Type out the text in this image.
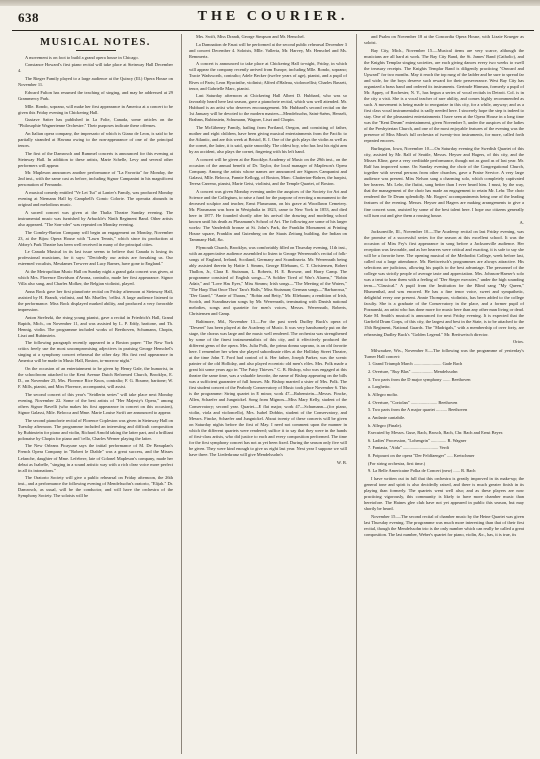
638	THE COURIER.
MUSICAL NOTES.

A movement is on foot to build a grand opera house in Chicago.

Constance Howard's first piano recital will take place at Steinway Hall December 4.

The Rieger Family played to a large audience at the Quincy (Ill.) Opera House on November 11.

Edward Fulton has resumed the teaching of singing, and may be addressed at 29 Grammercy Park.

Mlle. Rondo, soprano, will make her first appearance in America at a concert to be given this Friday evening in Chickering Hall.

Gustave Satter has published in La Folie, Canada, some articles on the "Philosophie Wagnerienne Orchestre." Their purposes indicate these offenses.

An Italian opera company, the impresario of which is Giano de Leon, is said to be partially stranded at Havana owing to the non-appearance of one of the principal tenors.

The first of the Damrosch and Rummel concerts is announced for this evening at Steinway Hall. In addition to these artists, Marie Schelle, Levy and several other performers will appear.

Mr. Mapleson announces another performance of "La Favorita" for Monday, the 2nd inst., with the same cast as before, including Signor Campanini in his magnificent personation of Fernando.

A musical comedy entitled "Ve Let Tut" at Lanier's Family, was produced Monday evening at Niemann Hall by Campbell's Comic Colorie. The operatta abounds in original and melodious music.

A sacred concert was given at the Thalia Theatre Sunday evening. The instrumental music was furnished by Arbuckle's Ninth Regiment Band. Other artists also appeared. "The Son-cder" was repeated on Monday evening.

The Comley-Barton Company will begin an engagement on Monday, November 23, at the Bijou Opera House with "Lawn Tennis," which since its production at Abbey's Park Theatre has been well received in many of the principal cities.

Le Canada Musical in its last issue seems to believe that Canada is losing its professional musicians, for it says: "Decidedly our artists are forsaking us. Our esteemed vocalists, Mesdames Trewver and Lucy Barnes, have gone to England."

At the Metropolitan Music Hall on Sunday night a grand gala concert was given, at which Mrs. Florence Davidson d'Avona, contralto, made her first appearance. Signor Villa also sang, and Charles Molker, the Belgian violinist, played.

Anna Bock gave her first pianoforte recital on Friday afternoon at Steinway Hall, assisted by H. Brandt, violinist, and Mr. Mueller, 'cellist. A large audience listened to the performance. Miss Bock displayed marked ability, and produced a very favorable impression.

Anton Strelezki, the rising young pianist, gave a recital in Friedrich's Hall, Grand Rapids, Mich., on November 11, and was assisted by L. P. Eddy, baritone, and Th. Hennig, violin. The programme included works of Beethoven, Schumann, Chopin, Liszt and Rubinstein.

The following paragraph recently appeared in a Boston paper: "The New York critics freely use the most uncompromising adjectives in praising George Henschel's singing at a symphony concert rehearsal the other day. His first real appearance in America will be made in Music Hall, Boston, to-morrow night."

On the occasion of an entertainment to be given by Henry Gale, the humorist, in the schoolroom attached to the Kent Avenue Dutch Reformed Church, Brooklyn, E. D., on November 25, Mrs. Florence Rice Knox, contralto; F. G. Bourne, baritone; W. F. Mills, pianist, and Miss Florence, accompanist, will assist.

The second concert of this year's "Seidlerin series" will take place next Monday evening, November 22. Some of the best artists of "Her Majesty's Opera," among others Signor Ravelli (who makes his first appearance in concert on this occasion), Signor Galassi, Mile. Belocca and Mme. Marie Louise Swift are announced to appear.

The second pianoforte recital of Florence Copleston was given in Steinway Hall on Tuesday afternoon. The programme included an interesting and difficult composition by Rubinstein for piano and violin, Richard Arnold taking the latter part, and a brilliant polonaise by Chopin for piano and 'cello, Charles Werner playing the latter.

The New Orleans Picayune says the initial performance of M. De Beauplan's French Opera Company in "Robert le Diable" was a great success, and the Misses Lefanche, daughter of Mme. Lefebvre, late of Colonel Mapleson's company, made her debut as Isabelle, "singing in a sound artistic way with a rich clear voice more perfect in all its intonations."

The Oratorio Society will give a public rehearsal on Friday afternoon, the 26th inst., and a performance the following evening of Mendelssohn's oratorio, "Elijah." Dr. Damrosch, as usual, will be the conductor, and will have the orchestra of the Symphony Society. The soloists will be

Mrs. Swift, Miss Drandt, George Simpson and Mr. Henschel.

La Damnation de Faust will be performed at the second public rehearsal December 3 and concert December 4. Soloists, Mlle. Valleria, Mr. Harvey, Mr. Henschel and Ms. Remmertz.

A concert is announced to take place at Chickering Hall to-night, Friday, in which will appear the company recently arrived from Europe, including Mlle. Rondo, soprano; Tracie Wadsworth, contralto; Adele Becker (twelve years of age), pianist, and a pupil of Rives of Paris; Leon Hyacinthe, violinist; Alfred d'Haleau, violoncellist; Charles Bassett, tenor, and Gabrielle Marc, pianist.

Last Saturday afternoon at Chickering Hall Albert D. Hubbard, who was so favorably heard here last season, gave a pianoforte recital, which was well attended. Mr. Hubbard is an artist who deserves encouragement. Mr. Hubbard's second recital on the 1st January will be devoted to the modern masters—Mendelssohn, Saint-Saëns, Henselt, Brahms, Rubinstein, Schumann, Wagner, Liszt and Chopin.

The McGibeney Family, hailing from Portland, Oregon, and consisting of father, mother and eight children, have been giving musical entertainments from the Pacific to the Atlantic, and are this week at Bristol, R. I. One of the girls plays the violin as well as the cornet, the latter, it is said, quite smoothly. The oldest boy, who has lost his right arm by an accident, also plays the cornet, fingering with his left hand.

A concert will be given at the Brooklyn Academy of Music on the 29th inst., on the occasion of the annual benefit of Dr. Taylor, the local manager of Mapleson's Opera Company. Among the artists whose names are announced are Signors Campanini and Galassi, Mlle. Belocca, Fannie Kellogg, of Boston, Marc. Chatterton-Bohrer, the harpist, Teresa Carreno, pianist, Marie Geist, violinist, and the Temple Quartet, of Boston.

A concert was given Monday evening under the auspices of the Society for Art and Science and the Collegium, to raise a fund for the purpose of erecting a monument to the deceased sculptor and teacher, Ernst Plassmann, on his grave at Woodlawn Cemetery. Mr. Plassmann was born in Westphalia in 1823, came to New York in 1853, and died here in 1877. He founded shortly after his arrival the drawing and modeling school known until his death as Plassmann's School of Art. The following are some of his larger works: The Vanderbilt bronze at St. John's Park, the Franklin Monument at Printing House square, Franklin and Gutenberg on the Staats Zeitung building, the Indian on Tammany Hall, &c.

Plymouth Church, Brooklyn, was comfortably filled on Thursday evening, 11th inst., with an appreciative audience assembled to listen to George Werrenrath's recital of folk-songs of England, Ireland, Scotland, Germany and Scandinavia. Mr. Werrenrath being ably assisted therein by Hattie I. Simms, George Ellebaum, C. T. Christensen, Robert Thallon, Jr., Clara E. Stutsman, L. Roberts, H. E. Browne, and Harry Camp. The programme consisted of English songs—"A Soldier Tired of War's Alarms," "Robin Adair," and "Love Has Eyes," Miss Simms; Irish songs—"The Meeting of the Waters," "The Harp That Once Thro' Tara's Halls," Miss Stutsman; German songs—"Barbarossa," "Der Gaard," "Annie of Tharau," "Robin and Betty," Mr. Ellebaum; a rendition of Irish, Scotch, and Scandinavian songs by Mr. Werrenrath, terminating with Danish national melodies, songs and quartette for men's voices, Messrs. Werrenrath, Roberts, Christensen and Camp.

Baltimore, Md., November 13.—For the past week Dudley Buck's opera of "Deseret" has been played at the Academy of Music. It was very handsomely put on the stage, the chorus was large and the music well rendered. The orchestra was strengthened by some of the finest instrumentalists of this city, and it effectively produced the different gems of the opera. Mrs. Julia Polk, the prima donna soprano, is an old favorite here. I remember her when she played subordinate rôles at the Holliday Street Theatre, at the time John T. Ford had control of it. Her father, Joseph Parker, was the scenic painter of the old Holliday, and also played eccentric old men's rôles. Mrs. Polk made a great hit some years ago in "The Fairy Thieves." C. B. Bishop, who was engaged at this theatre the same time, was a valuable favorite, the name of Bishop appearing on the bills was a sufficient guarantee of full houses. Mr. Bishop married a sister of Mrs. Polk. The first student concert of the Peabody Conservatory of Music took place November 6. This is the programme: String quartet in E minor, work 47—Rubenstein—Messrs. Fincke, Allen, Schaefer and Jungnickel. Song from Mignon—Miss Mary Kelly, student of the Conservatory; second year. Quartet—E flat major, work 47—Schumann—(for piano, violin, viola and violoncello), Mrs. Isabel Dobbin, student of the Conservatory, and Messrs. Fincke, Schaefer and Jungnickel. About twenty of these concerts will be given on Saturday nights before the first of May. I need not comment upon the manner in which the different quartets were rendered; suffice it to say that they were in the hands of first-class artists, who did justice to each and every composition performed. The time for the first symphony concert has not as yet been fixed. During the season only five will be given. They were kind enough to give us eight last year. Next year I suppose we will have three. The Liederkranz will give Mendelssohn's

W. B.

and Psalm on November 18 at the Concordia Opera House, with Lizzie Krueger as soloist.

Bay City, Mich., November 15.—Musical items are very scarce, although the musicians are all hard at work. The Bay City Band, the St. James' Band (Catholic), and the Knights Templar singing societies, are each giving dances every two weeks to swell the treasury receipts. The Knights Templar Band is diligently practicing "Onward and Upward" for two months. May it reach the top rung of the ladder and be sure to spread far and wide, for the boys deserve such reward for their perseverance. West Bay City has organized a brass band and ordered its instruments. Gertrude Hinman, formerly a pupil of Mr. Appey, of Rochester, N. Y., has begun a series of vocal recitals in Detroit. Col. is in the city a visit. She is a vocal teacher of rare ability, and comes highly recommended as such. A movement is being made to reorganize in this city, for a while, anyway; and as a first class vocal instrumentalist is sadly needed here. I sincerely hope the step is indeed to stay. One of the pleasantest entertainments I have seen at the Opera House in a long time was the "Kent Dream" entertainment, given November 5, under the auspices of the ladies of the Presbyterian Church, and one of the most enjoyable features of the evening was the presence of Miss Mina's full orchestra of twenty-two instruments, for more, called forth repeated encores.

Burlington, Iowa, November 10.—On Saturday evening the Swedish Quartet of this city, assisted by Mr. Ralf of Seattle, Messrs. Heyser and Hagers, of this city, and the Misses Kline, gave a very creditable performance, though not as good as of last year. Mr. Ralf has improved some. On Sunday evening the choir of the Congregational Church, together with several persons from other churches, gave a Praise Service. A very large audience was present. Miss Nelson sang a charming solo, which completely captivated her hearers. Mr. Lehr, the flutist, sang better than I ever heard him. I must, by the way, that the management of the choir has made an engagement to retain Mr. Lehr. The choir rendered the Te Deum splendidly. Mr. Rogers' accompaniments being one of the leading features of the evening. Messrs. Heyser and Hagers are making arrangements to give a fine concert soon, assisted by some of the best talent here. I hope our citizens generally will turn out and give them a rousing house.

A.

Jacksonville, Ill., November 10.—The Academy recital on last Friday evening, was the promise of a successful series for the season at this excellent school. It was the occasion of Miss Fry's first appearance in song before a Jacksonville audience. Her reception was favorable, and as her hearers were critical and exacting, it is safe to say she will be a favorite here. The opening musical of the Methodist College, week before last, called out a large attendance. Mr. Breitweisch's programmes are always attractive. His selections are judicious, allowing his pupils to the best advantage. The personnel of the college was strictly people of average taste and appreciation. Mrs. Johnson-Haeser's solo was a treat to hear them with a feeling of "Der Sieger executes," under the high sounding term—"Classical." A pupil from the Institution for the Blind sang "My Queen," Blumenthal, and was encored. He has a fine tenor voice, sweet and sympathetic, delightful every one present. Annie Thompson, violinists, has been added to the college faculty. She is a graduate of the Conservatory in the place, and a former pupil of Poznanski, an artist who has done more for music here than any other man living or dead. Kate M. Smith's musical is announced for next Friday evening. It is expected that the Garfield Drum Corps, of this city, the largest and best in the State, is to be attached to the 15th Regiment, National Guards. The "Madrigals," with a membership of over forty, are rehearsing Dudley Buck's "Golden Legend." Mr. Breitweisch director.

Orios.

Milwaukee, Wis., November 8.—The following was the programme of yesterday's Turner Hall concert:

1. Grand Triumph March ......................... Gade Bach

2. Overture, "Ruy Blas" ................... Mendelssohn

3. Two parts from the D major symphony ....... Beethoven

a. Larghetto.

b. Allegro molto.

4. Overture, "Coriolan" ........................ Beethoven

5. Two parts from the A major quartet .......... Beethoven

a. Andante cantabile.

b. Allegro (Finale).

Executed by Messrs. Guse, Bach, Brosch, Bach, Chr. Bach and Ernst Beyer.

6. Ladies' Procession, "Lohengrin" .............. R. Wagner

7. Fantasia, "Aida" ................................ Verdi

8. Potpourri on the opera "Der Feldfaenger" ..... Kretschmer

(For string orchestra, first time.)

9. La Belle Americaine Polka de Concert (new) ...... R. Bach

I have written out in full that this orchestra is greatly improved in its make-up; the general tone and spirit is also decidedly raised, and there is much greater finish in its playing than formerly. The quartets went well also; and as these players are now practicing vigorously, this community is likely to have more chamber music than heretofore. The Haines glee club have not yet appeared in public this season, but may shortly be heard.

November 15.—The second recital of chamber music by the Heine Quartet was given last Thursday evening. The programme was much more interesting than that of their first recital, though the Mendelssohn trio is the only number which can really be called a great composition. The last number, Weber's quartet for piano, violin, &c., has, it is true, its
